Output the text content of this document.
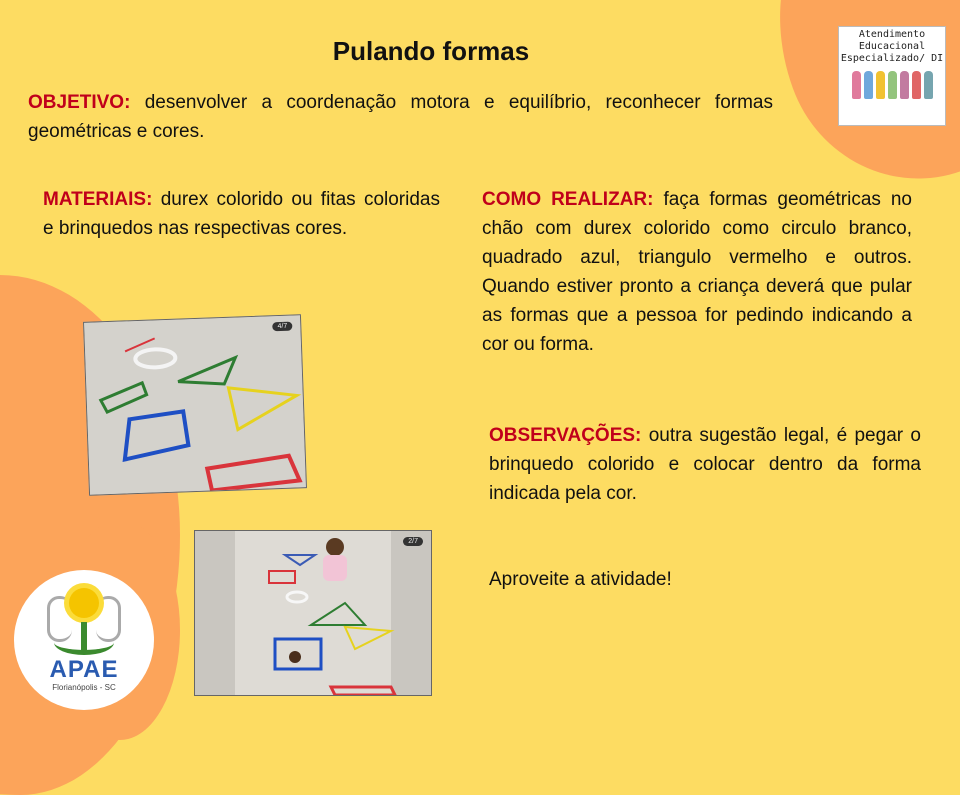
Pulando formas
OBJETIVO: desenvolver a coordenação motora e equilíbrio, reconhecer formas geométricas e cores.
MATERIAIS: durex colorido ou fitas coloridas e brinquedos nas respectivas cores.
COMO REALIZAR: faça formas geométricas no chão com durex colorido como circulo branco, quadrado azul, triangulo vermelho e outros. Quando estiver pronto a criança deverá que pular as formas que a pessoa for pedindo indicando a cor ou forma.
OBSERVAÇÕES: outra sugestão legal, é pegar o brinquedo colorido e colocar dentro da forma indicada pela cor.
Aproveite a atividade!
Atendimento
Educacional
Especializado/ DI
APAE
Florianópolis - SC
4/7
2/7
